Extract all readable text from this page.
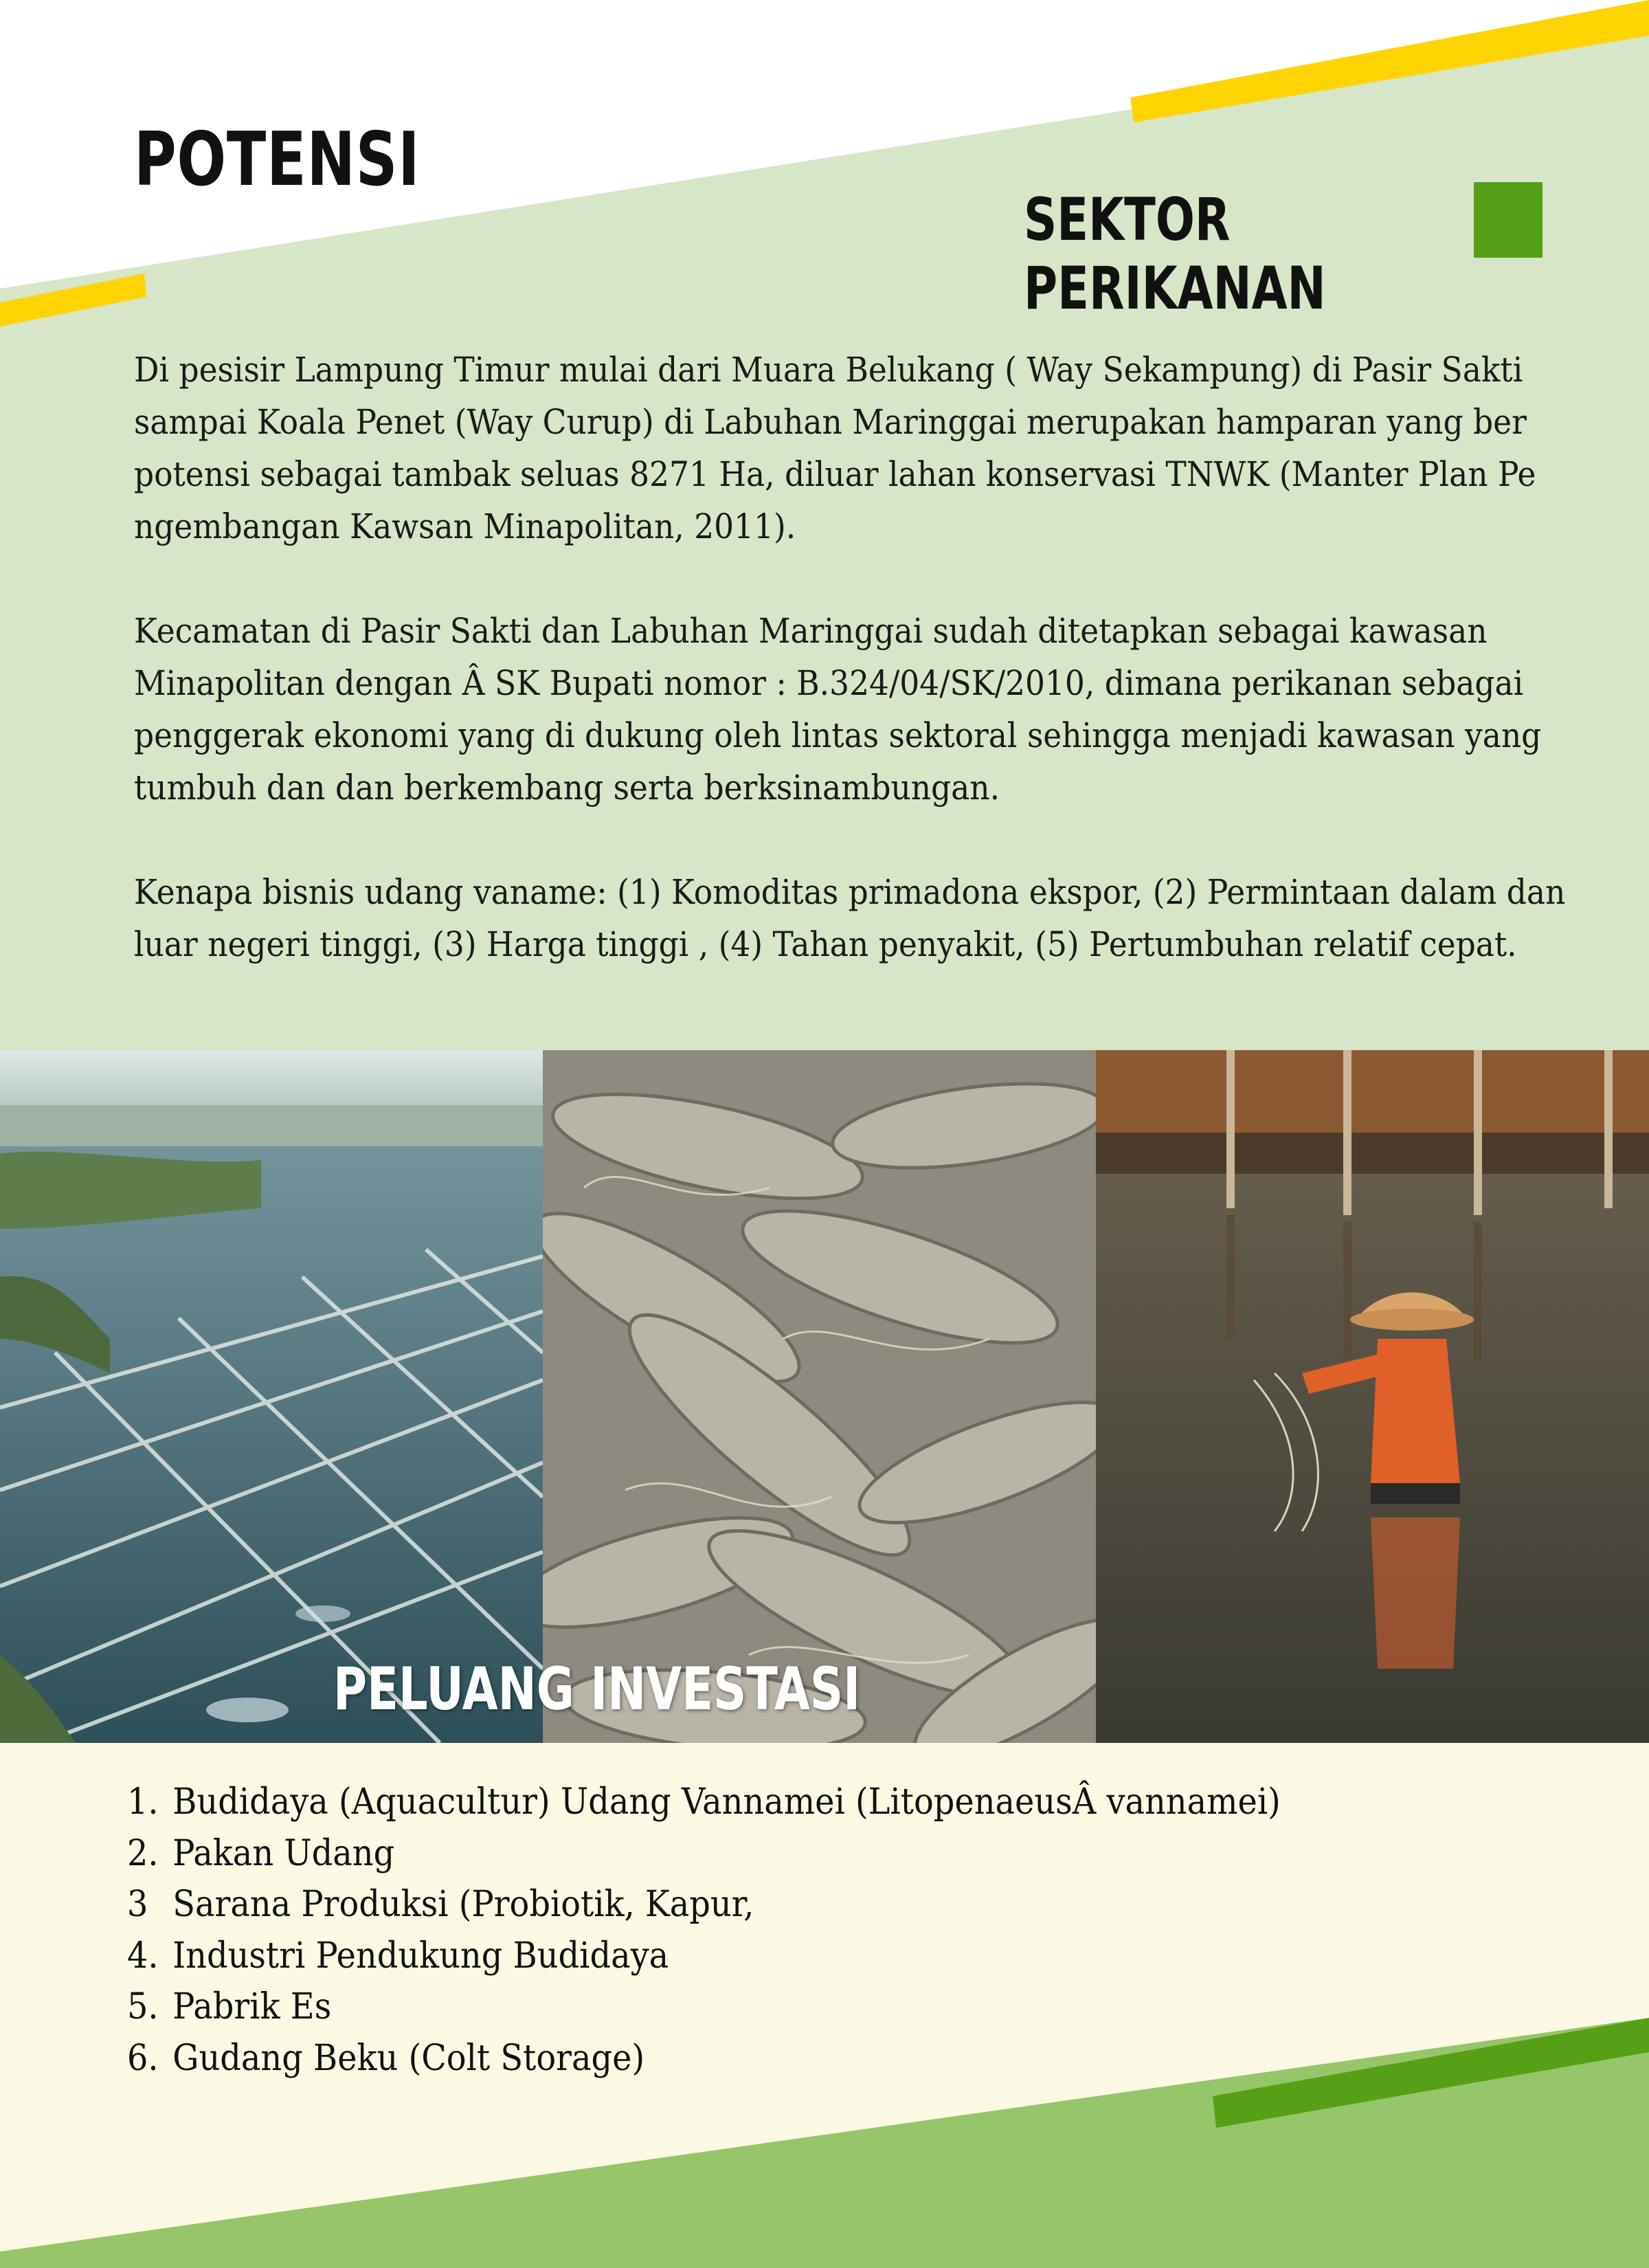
POTENSI
SEKTOR PERIKANAN

Di pesisir Lampung Timur mulai dari Muara Belukang ( Way Sekampung) di Pasir Sakti sampai Koala Penet (Way Curup) di Labuhan Maringgai merupakan hamparan yang ber potensi sebagai tambak seluas 8271 Ha, diluar lahan konservasi TNWK (Manter Plan Pe ngembangan Kawsan Minapolitan, 2011).

Kecamatan di Pasir Sakti dan Labuhan Maringgai sudah ditetapkan sebagai kawasan Minapolitan dengan Â SK Bupati nomor : B.324/04/SK/2010, dimana perikanan sebagai penggerak ekonomi yang di dukung oleh lintas sektoral sehingga menjadi kawasan yang tumbuh dan dan berkembang serta berksinambungan.

Kenapa bisnis udang vaname: (1) Komoditas primadona ekspor, (2) Permintaan dalam dan luar negeri tinggi, (3) Harga tinggi , (4) Tahan penyakit, (5) Pertumbuhan relatif cepat.

PELUANG INVESTASI
1. Budidaya (Aquacultur) Udang Vannamei (LitopenaeusÂ vannamei)
2. Pakan Udang
3 Sarana Produksi (Probiotik, Kapur,
4. Industri Pendukung Budidaya
5. Pabrik Es
6. Gudang Beku (Colt Storage)
